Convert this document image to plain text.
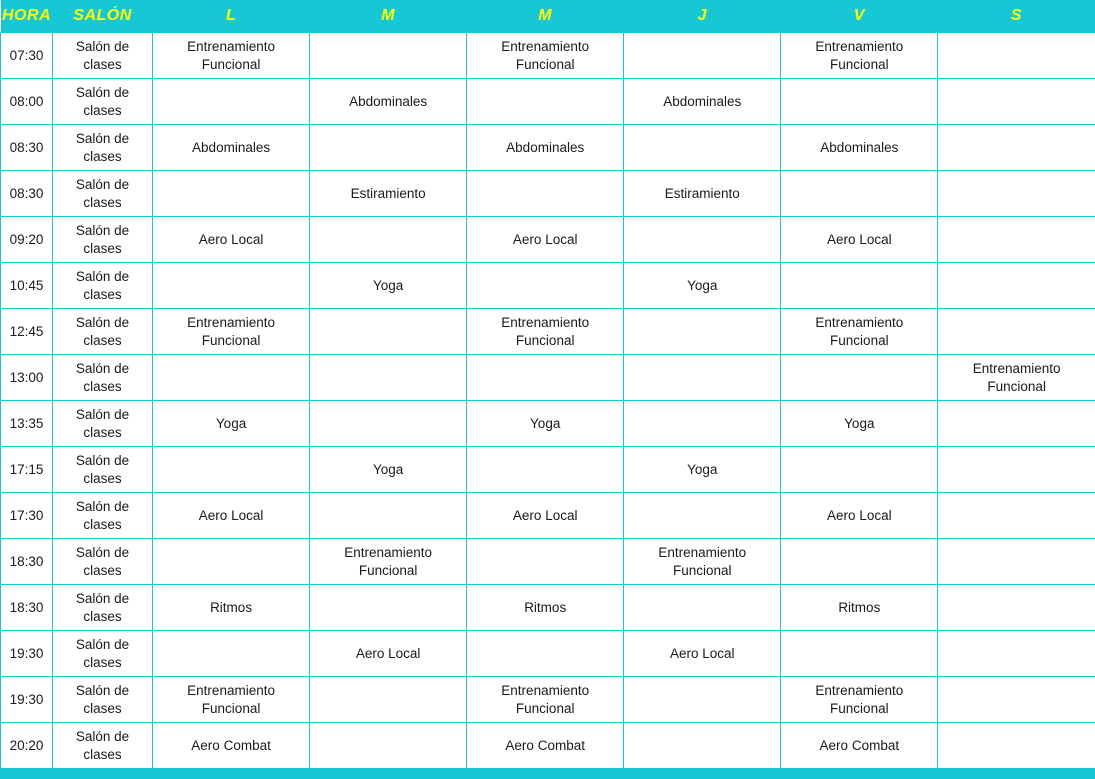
HORA	SALÓN	L	M	M	J	V	S
07:30	Salón de clases	Entrenamiento
Funcional		Entrenamiento
Funcional		Entrenamiento
Funcional	

08:00	Salón de clases		Abdominales		Abdominales		
08:30	Salón de clases	Abdominales		Abdominales		Abdominales	
08:30	Salón de clases		Estiramiento		Estiramiento		
09:20	Salón de clases	Aero Local		Aero Local		Aero Local	
10:45	Salón de clases		Yoga		Yoga		
12:45	Salón de clases	Entrenamiento
Funcional		Entrenamiento
Funcional		Entrenamiento
Funcional	

13:00	Salón de clases						Entrenamiento
Funcional

13:35	Salón de clases	Yoga		Yoga		Yoga	
17:15	Salón de clases		Yoga		Yoga		
17:30	Salón de clases	Aero Local		Aero Local		Aero Local	
18:30	Salón de clases		Entrenamiento
Funcional		Entrenamiento
Funcional		

18:30	Salón de clases	Ritmos		Ritmos		Ritmos	
19:30	Salón de clases		Aero Local		Aero Local		
19:30	Salón de clases	Entrenamiento
Funcional		Entrenamiento
Funcional		Entrenamiento
Funcional	

20:20	Salón de clases	Aero Combat		Aero Combat		Aero Combat	
